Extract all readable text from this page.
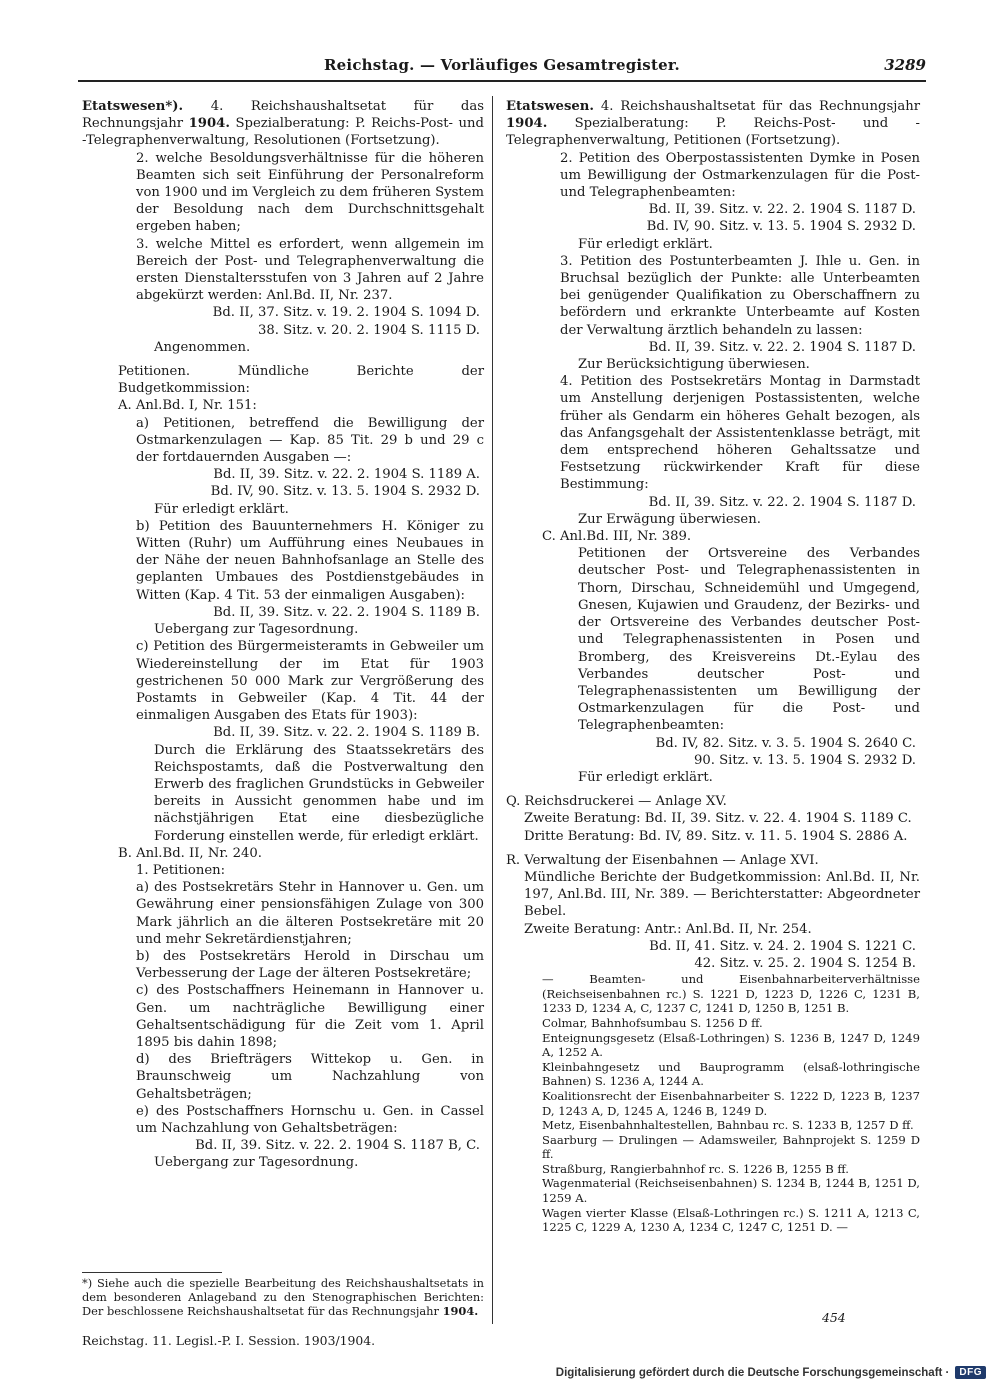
Reichstag. — Vorläufiges Gesamtregister.	3289

Etatswesen*). 4. Reichshaushaltsetat für das Rechnungsjahr 1904. Spezialberatung: P. Reichs-Post- und -Telegraphenverwaltung, Resolutionen (Fortsetzung).

2. welche Besoldungsverhältnisse für die höheren Beamten sich seit Einführung der Personalreform von 1900 und im Vergleich zu dem früheren System der Besoldung nach dem Durchschnittsgehalt ergeben haben;

3. welche Mittel es erfordert, wenn allgemein im Bereich der Post- und Telegraphenverwaltung die ersten Dienstaltersstufen von 3 Jahren auf 2 Jahre abgekürzt werden: Anl.Bd. II, Nr. 237.

Bd. II, 37. Sitz. v. 19. 2. 1904 S. 1094 D.

38. Sitz. v. 20. 2. 1904 S. 1115 D.

Angenommen.

Petitionen. Mündliche Berichte der Budgetkommission:

A. Anl.Bd. I, Nr. 151:

a) Petitionen, betreffend die Bewilligung der Ostmarkenzulagen — Kap. 85 Tit. 29 b und 29 c der fortdauernden Ausgaben —:

Bd. II, 39. Sitz. v. 22. 2. 1904 S. 1189 A.

Bd. IV, 90. Sitz. v. 13. 5. 1904 S. 2932 D.

Für erledigt erklärt.

b) Petition des Bauunternehmers H. Königer zu Witten (Ruhr) um Aufführung eines Neubaues in der Nähe der neuen Bahnhofsanlage an Stelle des geplanten Umbaues des Postdienstgebäudes in Witten (Kap. 4 Tit. 53 der einmaligen Ausgaben):

Bd. II, 39. Sitz. v. 22. 2. 1904 S. 1189 B.

Uebergang zur Tagesordnung.

c) Petition des Bürgermeisteramts in Gebweiler um Wiedereinstellung der im Etat für 1903 gestrichenen 50 000 Mark zur Vergrößerung des Postamts in Gebweiler (Kap. 4 Tit. 44 der einmaligen Ausgaben des Etats für 1903):

Bd. II, 39. Sitz. v. 22. 2. 1904 S. 1189 B.

Durch die Erklärung des Staatssekretärs des Reichspostamts, daß die Postverwaltung den Erwerb des fraglichen Grundstücks in Gebweiler bereits in Aussicht genommen habe und im nächstjährigen Etat eine diesbezügliche Forderung einstellen werde, für erledigt erklärt.

B. Anl.Bd. II, Nr. 240.

1. Petitionen:

a) des Postsekretärs Stehr in Hannover u. Gen. um Gewährung einer pensionsfähigen Zulage von 300 Mark jährlich an die älteren Postsekretäre mit 20 und mehr Sekretärdienstjahren;

b) des Postsekretärs Herold in Dirschau um Verbesserung der Lage der älteren Postsekretäre;

c) des Postschaffners Heinemann in Hannover u. Gen. um nachträgliche Bewilligung einer Gehaltsentschädigung für die Zeit vom 1. April 1895 bis dahin 1898;

d) des Briefträgers Wittekop u. Gen. in Braunschweig um Nachzahlung von Gehaltsbeträgen;

e) des Postschaffners Hornschu u. Gen. in Cassel um Nachzahlung von Gehaltsbeträgen:

Bd. II, 39. Sitz. v. 22. 2. 1904 S. 1187 B, C.

Uebergang zur Tagesordnung.

*) Siehe auch die spezielle Bearbeitung des Reichshaushaltsetats in dem besonderen Anlageband zu den Stenographischen Berichten: Der beschlossene Reichshaushaltsetat für das Rechnungsjahr 1904.
Reichstag. 11. Legisl.-P. I. Session. 1903/1904.

Etatswesen. 4. Reichshaushaltsetat für das Rechnungsjahr 1904. Spezialberatung: P. Reichs-Post- und -Telegraphenverwaltung, Petitionen (Fortsetzung).

2. Petition des Oberpostassistenten Dymke in Posen um Bewilligung der Ostmarkenzulagen für die Post- und Telegraphenbeamten:

Bd. II, 39. Sitz. v. 22. 2. 1904 S. 1187 D.

Bd. IV, 90. Sitz. v. 13. 5. 1904 S. 2932 D.

Für erledigt erklärt.

3. Petition des Postunterbeamten J. Ihle u. Gen. in Bruchsal bezüglich der Punkte: alle Unterbeamten bei genügender Qualifikation zu Oberschaffnern zu befördern und erkrankte Unterbeamte auf Kosten der Verwaltung ärztlich behandeln zu lassen:

Bd. II, 39. Sitz. v. 22. 2. 1904 S. 1187 D.

Zur Berücksichtigung überwiesen.

4. Petition des Postsekretärs Montag in Darmstadt um Anstellung derjenigen Postassistenten, welche früher als Gendarm ein höheres Gehalt bezogen, als das Anfangsgehalt der Assistentenklasse beträgt, mit dem entsprechend höheren Gehaltssatze und Festsetzung rückwirkender Kraft für diese Bestimmung:

Bd. II, 39. Sitz. v. 22. 2. 1904 S. 1187 D.

Zur Erwägung überwiesen.

C. Anl.Bd. III, Nr. 389.

Petitionen der Ortsvereine des Verbandes deutscher Post- und Telegraphenassistenten in Thorn, Dirschau, Schneidemühl und Umgegend, Gnesen, Kujawien und Graudenz, der Bezirks- und der Ortsvereine des Verbandes deutscher Post- und Telegraphenassistenten in Posen und Bromberg, des Kreisvereins Dt.-Eylau des Verbandes deutscher Post- und Telegraphenassistenten um Bewilligung der Ostmarkenzulagen für die Post- und Telegraphenbeamten:

Bd. IV, 82. Sitz. v. 3. 5. 1904 S. 2640 C.

90. Sitz. v. 13. 5. 1904 S. 2932 D.

Für erledigt erklärt.

Q. Reichsdruckerei — Anlage XV.

Zweite Beratung: Bd. II, 39. Sitz. v. 22. 4. 1904 S. 1189 C.

Dritte Beratung: Bd. IV, 89. Sitz. v. 11. 5. 1904 S. 2886 A.

R. Verwaltung der Eisenbahnen — Anlage XVI.

Mündliche Berichte der Budgetkommission: Anl.Bd. II, Nr. 197, Anl.Bd. III, Nr. 389. — Berichterstatter: Abgeordneter Bebel.

Zweite Beratung: Antr.: Anl.Bd. II, Nr. 254.

Bd. II, 41. Sitz. v. 24. 2. 1904 S. 1221 C.

42. Sitz. v. 25. 2. 1904 S. 1254 B.

— Beamten- und Eisenbahnarbeiterverhältnisse (Reichseisenbahnen rc.) S. 1221 D, 1223 D, 1226 C, 1231 B, 1233 D, 1234 A, C, 1237 C, 1241 D, 1250 B, 1251 B.

Colmar, Bahnhofsumbau S. 1256 D ff.

Enteignungsgesetz (Elsaß-Lothringen) S. 1236 B, 1247 D, 1249 A, 1252 A.

Kleinbahngesetz und Bauprogramm (elsaß-lothringische Bahnen) S. 1236 A, 1244 A.

Koalitionsrecht der Eisenbahnarbeiter S. 1222 D, 1223 B, 1237 D, 1243 A, D, 1245 A, 1246 B, 1249 D.

Metz, Eisenbahnhaltestellen, Bahnbau rc. S. 1233 B, 1257 D ff.

Saarburg — Drulingen — Adamsweiler, Bahnprojekt S. 1259 D ff.

Straßburg, Rangierbahnhof rc. S. 1226 B, 1255 B ff.

Wagenmaterial (Reichseisenbahnen) S. 1234 B, 1244 B, 1251 D, 1259 A.

Wagen vierter Klasse (Elsaß-Lothringen rc.) S. 1211 A, 1213 C, 1225 C, 1229 A, 1230 A, 1234 C, 1247 C, 1251 D. —

454
Digitalisierung gefördert durch die Deutsche Forschungsgemeinschaft ·	DFG
